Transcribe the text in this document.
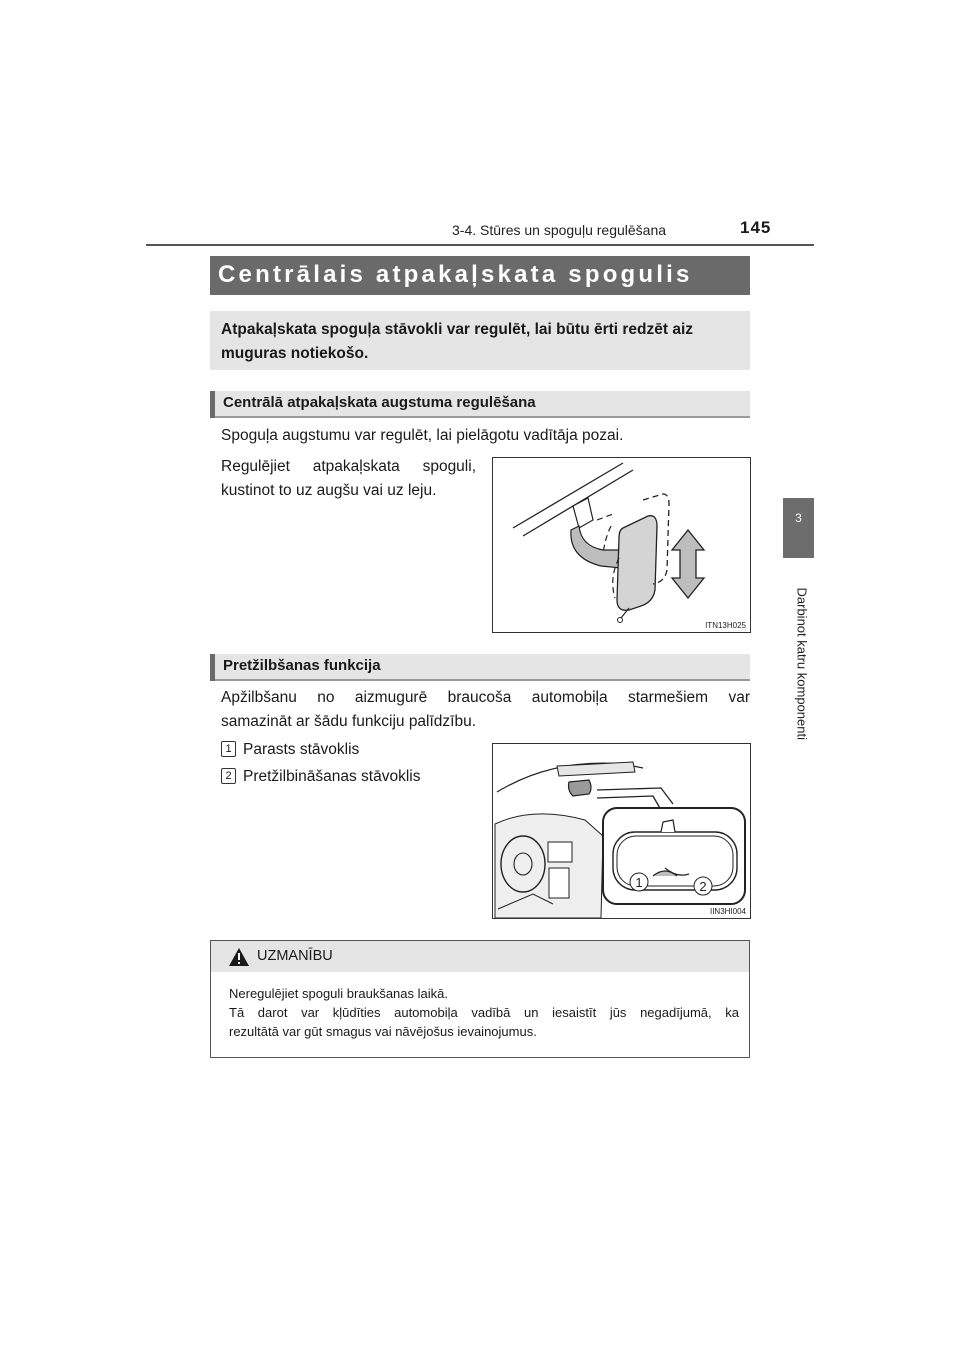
3-4. Stūres un spoguļu regulēšana	145
3
Darbinot katru komponenti
Centrālais atpakaļskata spogulis
Atpakaļskata spoguļa stāvokli var regulēt, lai būtu ērti redzēt aiz muguras notiekošo.
Centrālā atpakaļskata augstuma regulēšana
Spoguļa augstumu var regulēt, lai pielāgotu vadītāja pozai.
Regulējiet atpakaļskata spoguli,
kustinot to uz augšu vai uz leju.
ITN13H025
Pretžilbšanas funkcija
Apžilbšanu no aizmugurē braucoša automobiļa starmešiem var
samazināt ar šādu funkciju palīdzību.
1 Parasts stāvoklis
2 Pretžilbināšanas stāvoklis
1	2
IIN3HI004
UZMANĪBU
Neregulējiet spoguli braukšanas laikā.
Tā darot var kļūdīties automobiļa vadībā un iesaistīt jūs negadījumā, ka
rezultātā var gūt smagus vai nāvējošus ievainojumus.
